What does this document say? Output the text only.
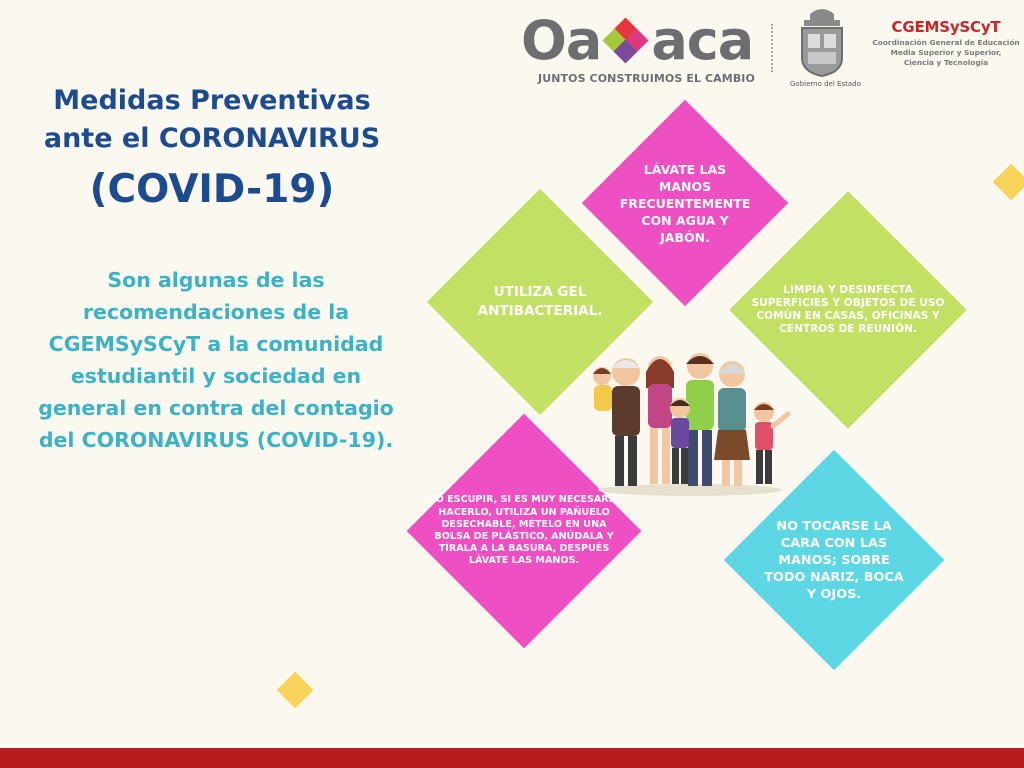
Oa aca
JUNTOS CONSTRUIMOS EL CAMBIO	Gobierno del Estado
CGEMSySCyT
Coordinación General de Educación
Media Superior y Superior,
Ciencia y Tecnología
Medidas Preventivas
ante el CORONAVIRUS
(COVID-19)
Son algunas de las recomendaciones de la CGEMSySCyT a la comunidad estudiantil y sociedad en general en contra del contagio del CORONAVIRUS (COVID-19).
LÁVATE LAS MANOS FRECUENTEMENTE CON AGUA Y JABÓN.
UTILIZA GEL ANTIBACTERIAL.
LIMPIA Y DESINFECTA SUPERFICIES Y OBJETOS DE USO COMÚN EN CASAS, OFICINAS Y CENTROS DE REUNIÓN.
NO ESCUPIR, SI ES MUY NECESARIO HACERLO, UTILIZA UN PAÑUELO DESECHABLE, MÉTELO EN UNA BOLSA DE PLÁSTICO, ANÚDALA Y TÍRALA A LA BASURA, DESPUÉS LÁVATE LAS MANOS.
NO TOCARSE LA CARA CON LAS MANOS; SOBRE TODO NARIZ, BOCA Y OJOS.
